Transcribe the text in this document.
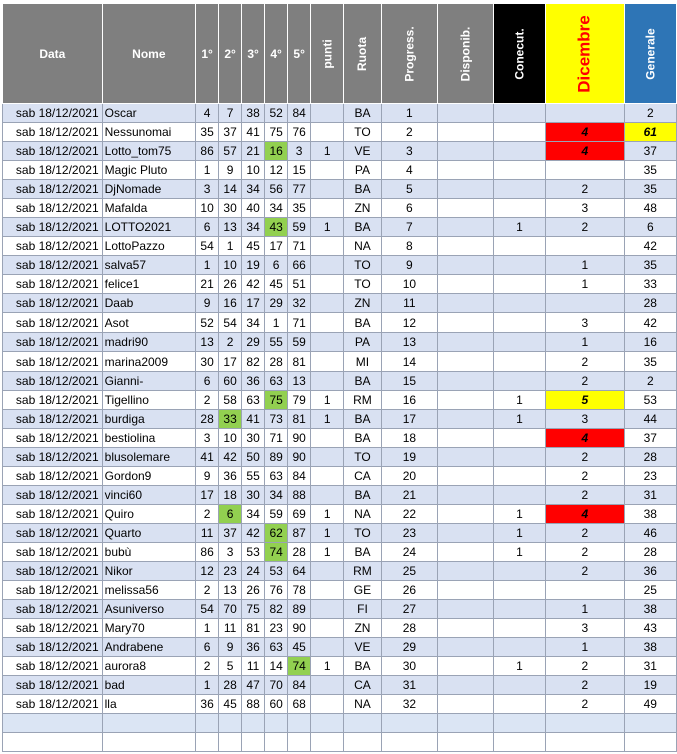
Data	Nome	1°	2°	3°	4°	5°	punti	Ruota	Progress.	Disponib.	Conecut.	Dicembre	Generale
sab 18/12/2021	Oscar	4	7	38	52	84		BA	1				2
sab 18/12/2021	Nessunomai	35	37	41	75	76		TO	2			4	61
sab 18/12/2021	Lotto_tom75	86	57	21	16	3	1	VE	3			4	37
sab 18/12/2021	Magic Pluto	1	9	10	12	15		PA	4				35
sab 18/12/2021	DjNomade	3	14	34	56	77		BA	5			2	35
sab 18/12/2021	Mafalda	10	30	40	34	35		ZN	6			3	48
sab 18/12/2021	LOTTO2021	6	13	34	43	59	1	BA	7		1	2	6
sab 18/12/2021	LottoPazzo	54	1	45	17	71		NA	8				42
sab 18/12/2021	salva57	1	10	19	6	66		TO	9			1	35
sab 18/12/2021	felice1	21	26	42	45	51		TO	10			1	33
sab 18/12/2021	Daab	9	16	17	29	32		ZN	11				28
sab 18/12/2021	Asot	52	54	34	1	71		BA	12			3	42
sab 18/12/2021	madri90	13	2	29	55	59		PA	13			1	16
sab 18/12/2021	marina2009	30	17	82	28	81		MI	14			2	35
sab 18/12/2021	Gianni-	6	60	36	63	13		BA	15			2	2
sab 18/12/2021	Tigellino	2	58	63	75	79	1	RM	16		1	5	53
sab 18/12/2021	burdiga	28	33	41	73	81	1	BA	17		1	3	44
sab 18/12/2021	bestiolina	3	10	30	71	90		BA	18			4	37
sab 18/12/2021	blusolemare	41	42	50	89	90		TO	19			2	28
sab 18/12/2021	Gordon9	9	36	55	63	84		CA	20			2	23
sab 18/12/2021	vinci60	17	18	30	34	88		BA	21			2	31
sab 18/12/2021	Quiro	2	6	34	59	69	1	NA	22		1	4	38
sab 18/12/2021	Quarto	11	37	42	62	87	1	TO	23		1	2	46
sab 18/12/2021	bubù	86	3	53	74	28	1	BA	24		1	2	28
sab 18/12/2021	Nikor	12	23	24	53	64		RM	25			2	36
sab 18/12/2021	melissa56	2	13	26	76	78		GE	26				25
sab 18/12/2021	Asuniverso	54	70	75	82	89		FI	27			1	38
sab 18/12/2021	Mary70	1	11	81	23	90		ZN	28			3	43
sab 18/12/2021	Andrabene	6	9	36	63	45		VE	29			1	38
sab 18/12/2021	aurora8	2	5	11	14	74	1	BA	30		1	2	31
sab 18/12/2021	bad	1	28	47	70	84		CA	31			2	19
sab 18/12/2021	lla	36	45	88	60	68		NA	32			2	49
